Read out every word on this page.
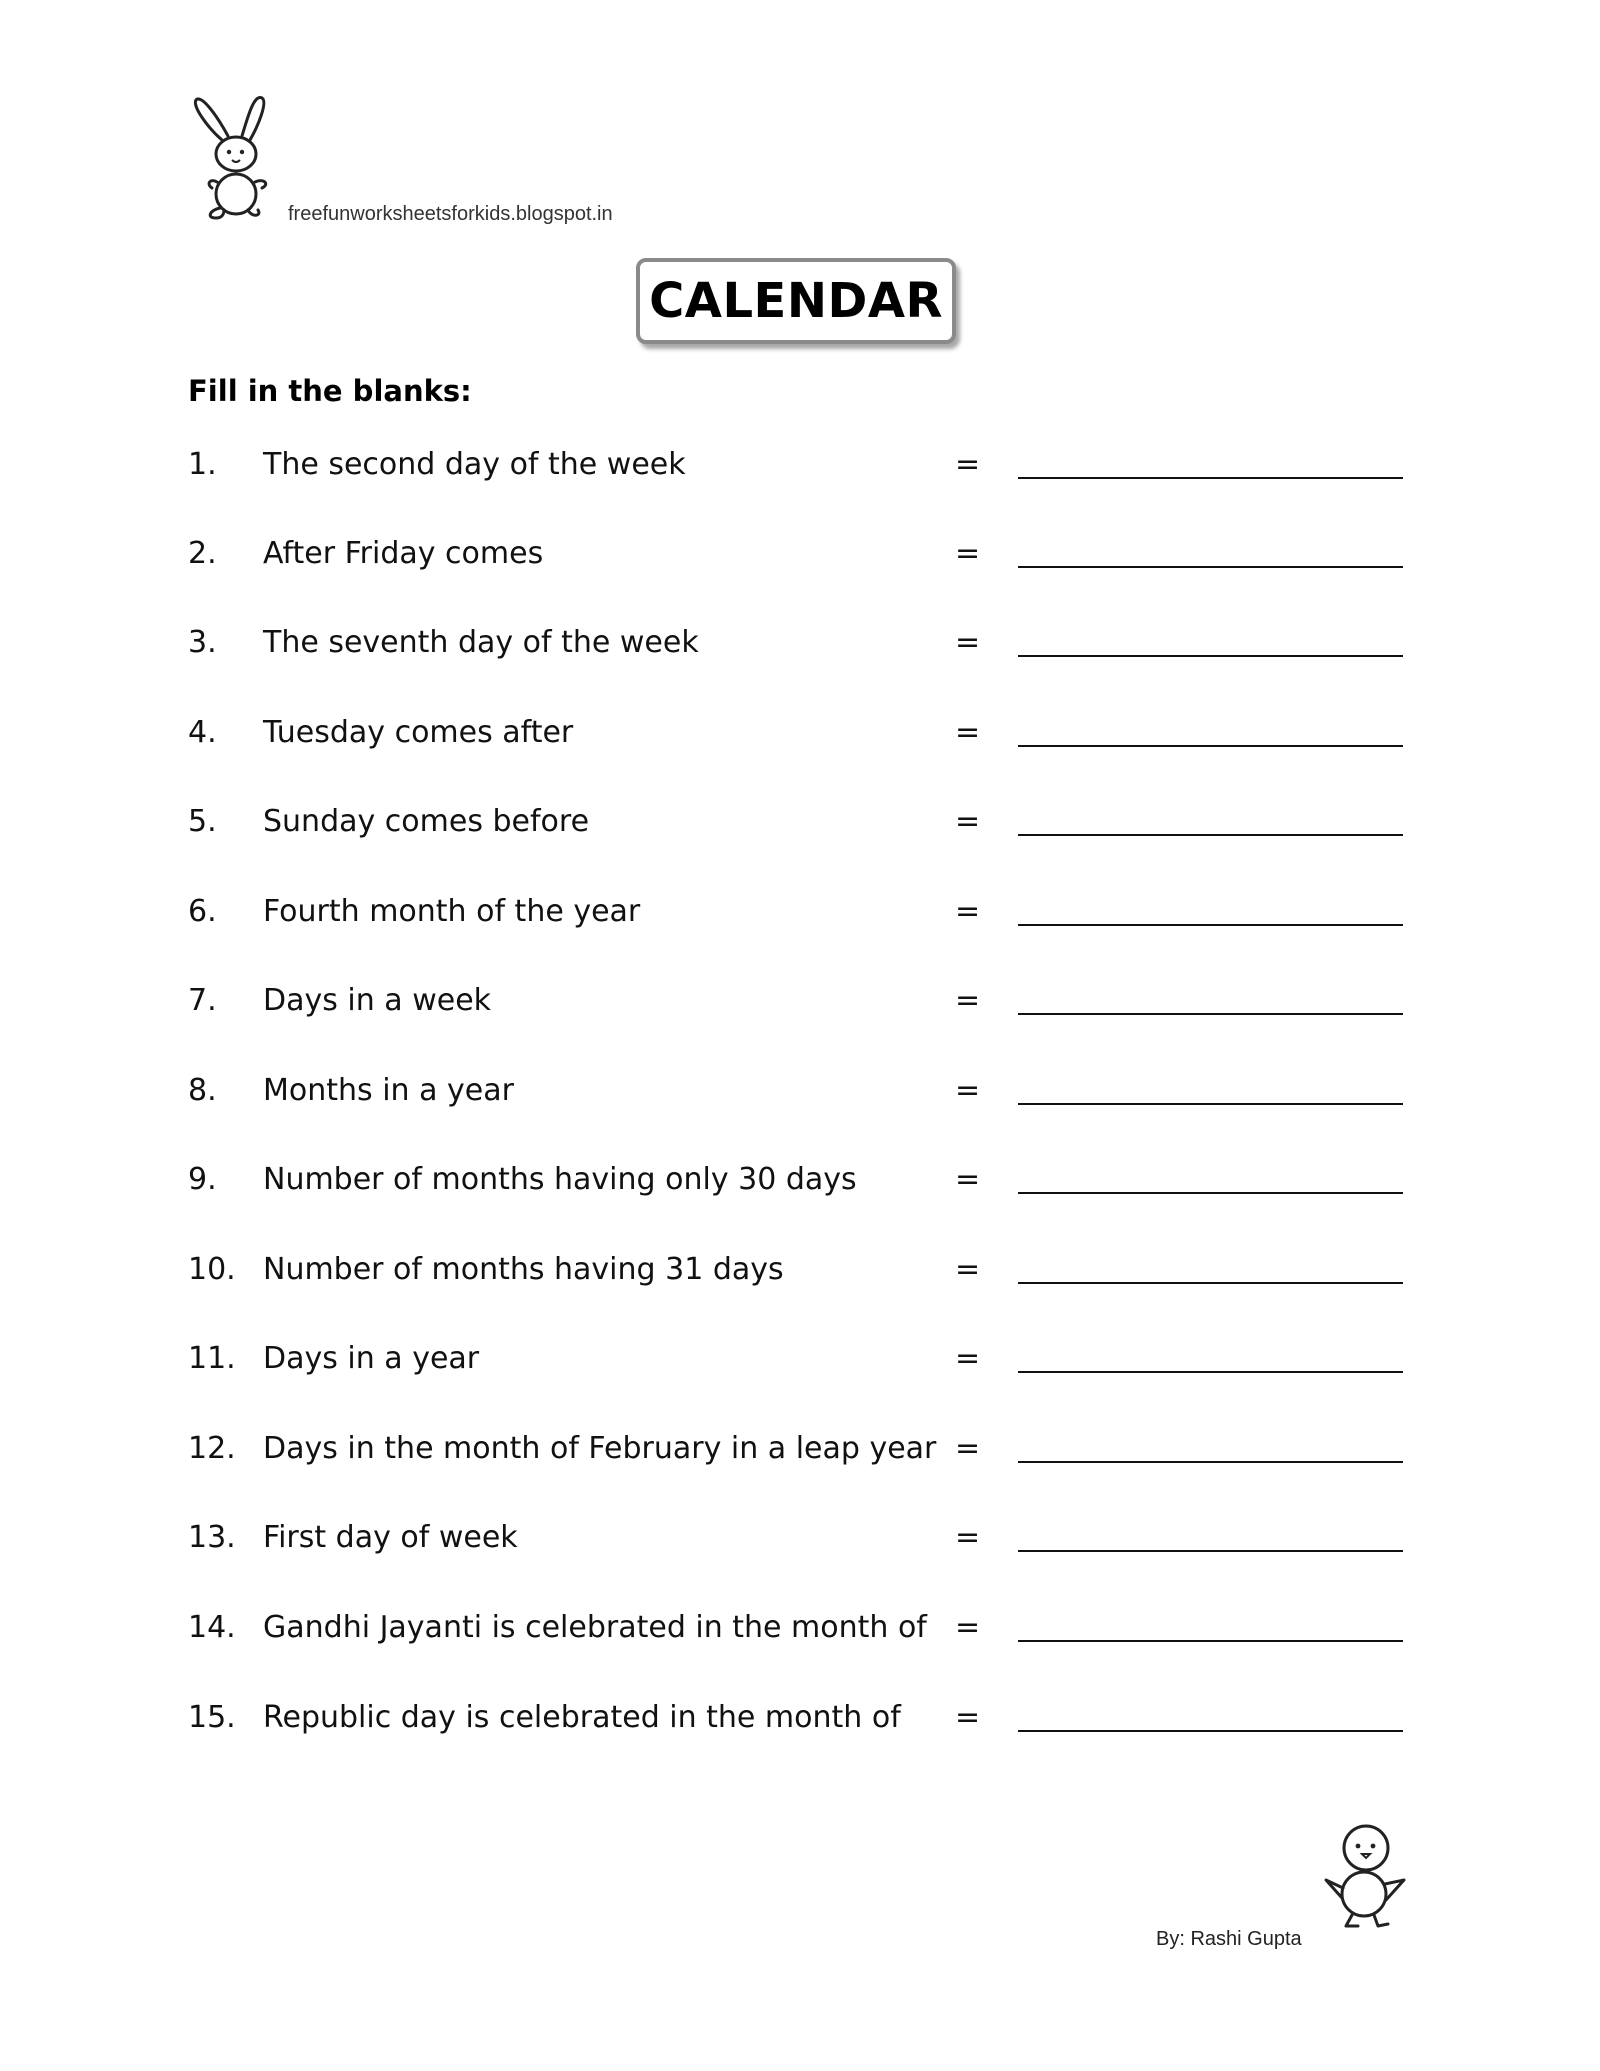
freefunworksheetsforkids.blogspot.in
CALENDAR
Fill in the blanks:
1. The second day of the week	=
2. After Friday comes	=
3. The seventh day of the week	=
4. Tuesday comes after	=
5. Sunday comes before	=
6. Fourth month of the year	=
7. Days in a week	=
8. Months in a year	=
9. Number of months having only 30 days	=
10. Number of months having 31 days	=
11. Days in a year	=
12. Days in the month of February in a leap year =
13. First day of week	=
14. Gandhi Jayanti is celebrated in the month of =
15. Republic day is celebrated in the month of =
By: Rashi Gupta
